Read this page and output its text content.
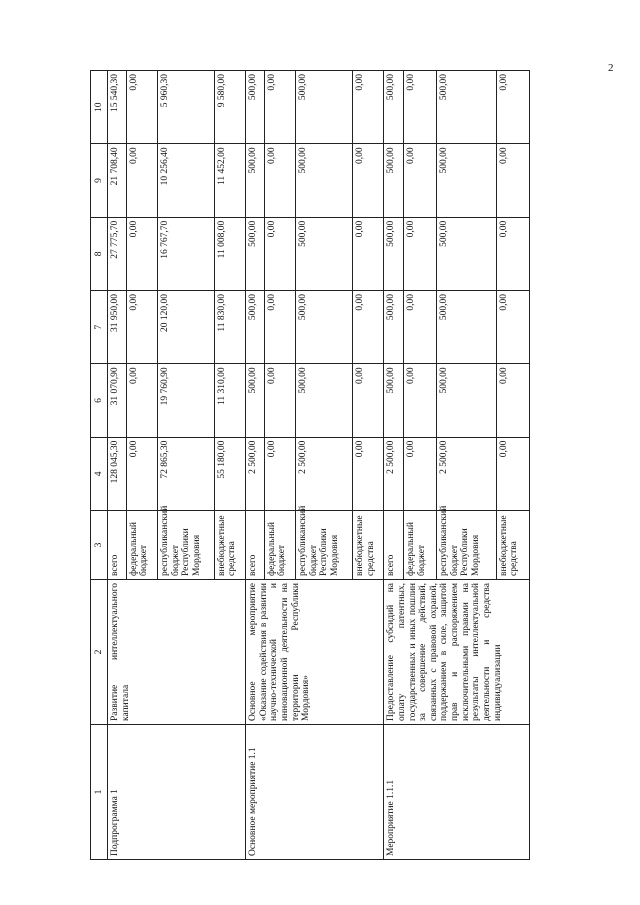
2
1	2	3	4	6	7	8	9	10
Подпрограмма 1	Развитие интеллектуального капитала	всего	128 045,30	31 070,90	31 950,00	27 775,70	21 708,40	15 540,30
		федеральный бюджет	0,00	0,00	0,00	0,00	0,00	0,00
		республиканский бюджет Республики Мордовия	72 865,30	19 760,90	20 120,00	16 767,70	10 256,40	5 960,30
		внебюджетные средства	55 180,00	11 310,00	11 830,00	11 008,00	11 452,00	9 580,00
Основное мероприятие 1.1	Основное мероприятие «Оказание содействия в развитии научно-технической и инновационной деятельности на территории Республики Мордовия»	всего	2 500,00	500,00	500,00	500,00	500,00	500,00
		федеральный бюджет	0,00	0,00	0,00	0,00	0,00	0,00
		республиканский бюджет Республики Мордовия	2 500,00	500,00	500,00	500,00	500,00	500,00
		внебюджетные средства	0,00	0,00	0,00	0,00	0,00	0,00
Мероприятие 1.1.1	Предоставление субсидий на оплату патентных, государственных и иных пошлин за совершение действий, связанных с правовой охраной, поддержанием в силе, защитой прав и распоряжением исключительными правами на результаты интеллектуальной деятельности и средства индивидуализации	всего	2 500,00	500,00	500,00	500,00	500,00	500,00
		федеральный бюджет	0,00	0,00	0,00	0,00	0,00	0,00
		республиканский бюджет Республики Мордовия	2 500,00	500,00	500,00	500,00	500,00	500,00
		внебюджетные средства	0,00	0,00	0,00	0,00	0,00	0,00
